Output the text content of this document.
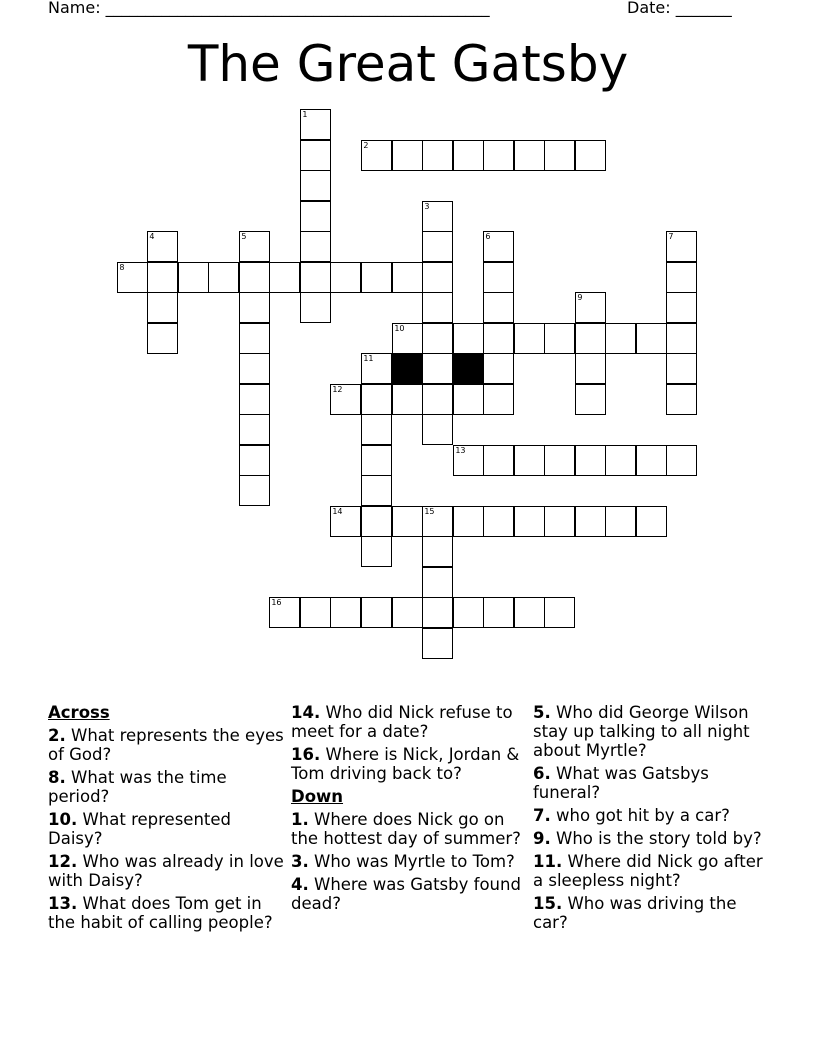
Name: ________________________________________________	Date: _______
The Great Gatsby
1
2
3
4	5	6	7
8
9
10
11
12
13
14	15
16
Across
2. What represents the eyes of God?
8. What was the time period?
10. What represented Daisy?
12. Who was already in love with Daisy?
13. What does Tom get in the habit of calling people?
14. Who did Nick refuse to meet for a date?
16. Where is Nick, Jordan & Tom driving back to?
Down
1. Where does Nick go on the hottest day of summer?
3. Who was Myrtle to Tom?
4. Where was Gatsby found dead?
5. Who did George Wilson stay up talking to all night about Myrtle?
6. What was Gatsbys funeral?
7. who got hit by a car?
9. Who is the story told by?
11. Where did Nick go after a sleepless night?
15. Who was driving the car?
